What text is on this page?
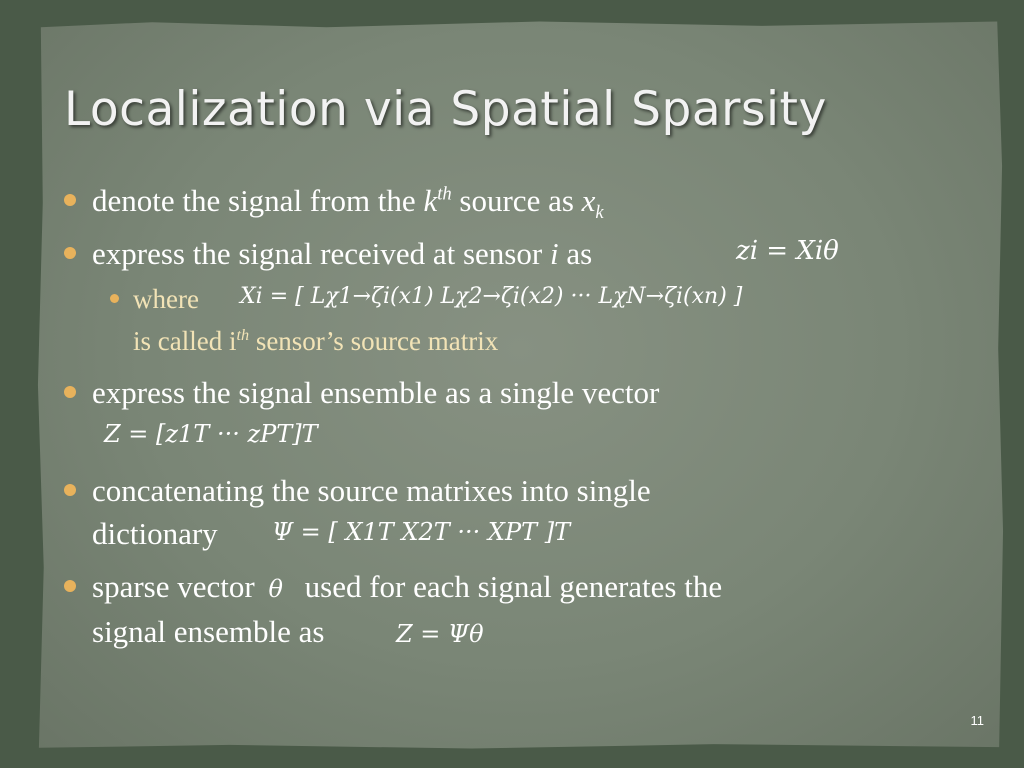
Localization via Spatial Sparsity
denote the signal from the $k^{th}$ source as $x_k$
express the signal received at sensor i as	zi = Xiθ
where Xi = [ Lχ1→ζi(x1) Lχ2→ζi(x2) ··· LχN→ζi(xn) ]
is called $i^{th}$ sensor’s source matrix
express the signal ensemble as a single vector
Z = [z1T ··· zPT]T
concatenating the source matrixes into single
dictionary Ψ = [ X1T X2T ··· XPT ]T
sparse vector θ used for each signal generates the
signal ensemble as	Z = Ψθ
11
